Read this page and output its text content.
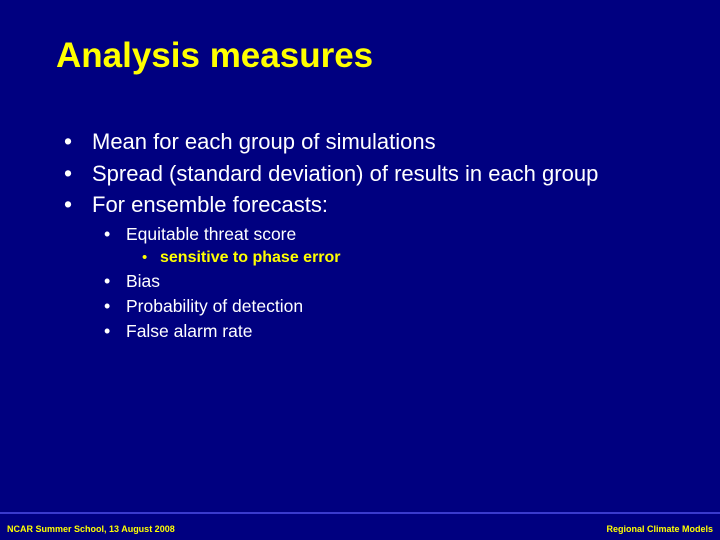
Analysis measures
• Mean for each group of simulations
• Spread (standard deviation) of results in each group
• For ensemble forecasts:
• Equitable threat score
• sensitive to phase error
• Bias
• Probability of detection
• False alarm rate
NCAR Summer School, 13 August 2008	Regional Climate Models
